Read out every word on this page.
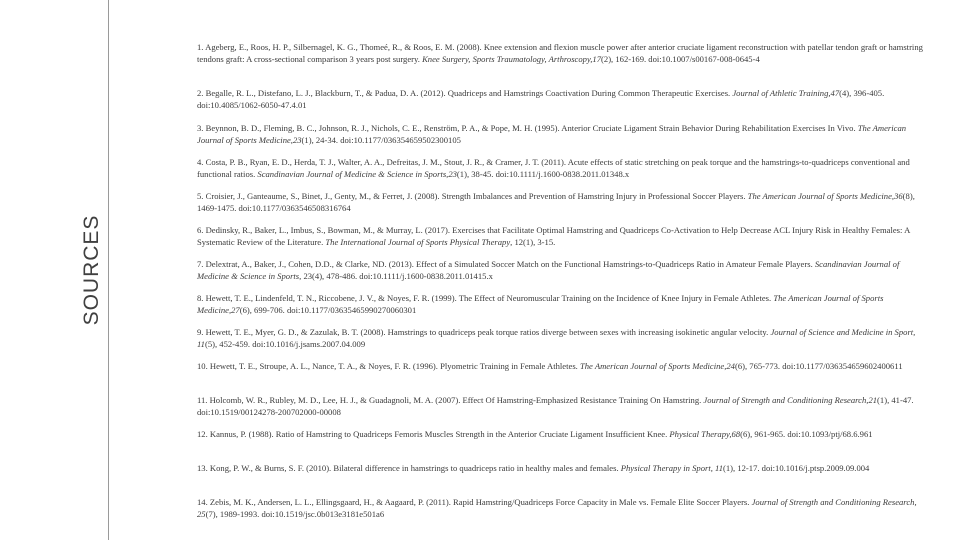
SOURCES

1. Ageberg, E., Roos, H. P., Silbernagel, K. G., Thomeé, R., & Roos, E. M. (2008). Knee extension and flexion muscle power after anterior cruciate ligament reconstruction with patellar tendon graft or hamstring tendons graft: A cross-sectional comparison 3 years post surgery. Knee Surgery, Sports Traumatology, Arthroscopy,17(2), 162-169. doi:10.1007/s00167-008-0645-4

2. Begalle, R. L., Distefano, L. J., Blackburn, T., & Padua, D. A. (2012). Quadriceps and Hamstrings Coactivation During Common Therapeutic Exercises. Journal of Athletic Training,47(4), 396-405. doi:10.4085/1062-6050-47.4.01

3. Beynnon, B. D., Fleming, B. C., Johnson, R. J., Nichols, C. E., Renström, P. A., & Pope, M. H. (1995). Anterior Cruciate Ligament Strain Behavior During Rehabilitation Exercises In Vivo. The American Journal of Sports Medicine,23(1), 24-34. doi:10.1177/036354659502300105

4. Costa, P. B., Ryan, E. D., Herda, T. J., Walter, A. A., Defreitas, J. M., Stout, J. R., & Cramer, J. T. (2011). Acute effects of static stretching on peak torque and the hamstrings-to-quadriceps conventional and functional ratios. Scandinavian Journal of Medicine & Science in Sports,23(1), 38-45. doi:10.1111/j.1600-0838.2011.01348.x

5. Croisier, J., Ganteaume, S., Binet, J., Genty, M., & Ferret, J. (2008). Strength Imbalances and Prevention of Hamstring Injury in Professional Soccer Players. The American Journal of Sports Medicine,36(8), 1469-1475. doi:10.1177/0363546508316764

6. Dedinsky, R., Baker, L., Imbus, S., Bowman, M., & Murray, L. (2017). Exercises that Facilitate Optimal Hamstring and Quadriceps Co-Activation to Help Decrease ACL Injury Risk in Healthy Females: A Systematic Review of the Literature. The International Journal of Sports Physical Therapy, 12(1), 3-15.

7. Delextrat, A., Baker, J., Cohen, D.D., & Clarke, ND. (2013). Effect of a Simulated Soccer Match on the Functional Hamstrings-to-Quadriceps Ratio in Amateur Female Players. Scandinavian Journal of Medicine & Science in Sports, 23(4), 478-486. doi:10.1111/j.1600-0838.2011.01415.x

8. Hewett, T. E., Lindenfeld, T. N., Riccobene, J. V., & Noyes, F. R. (1999). The Effect of Neuromuscular Training on the Incidence of Knee Injury in Female Athletes. The American Journal of Sports Medicine,27(6), 699-706. doi:10.1177/03635465990270060301

9. Hewett, T. E., Myer, G. D., & Zazulak, B. T. (2008). Hamstrings to quadriceps peak torque ratios diverge between sexes with increasing isokinetic angular velocity. Journal of Science and Medicine in Sport, 11(5), 452-459. doi:10.1016/j.jsams.2007.04.009

10. Hewett, T. E., Stroupe, A. L., Nance, T. A., & Noyes, F. R. (1996). Plyometric Training in Female Athletes. The American Journal of Sports Medicine,24(6), 765-773. doi:10.1177/036354659602400611

11. Holcomb, W. R., Rubley, M. D., Lee, H. J., & Guadagnoli, M. A. (2007). Effect Of Hamstring-Emphasized Resistance Training On Hamstring. Journal of Strength and Conditioning Research,21(1), 41-47. doi:10.1519/00124278-200702000-00008

12. Kannus, P. (1988). Ratio of Hamstring to Quadriceps Femoris Muscles Strength in the Anterior Cruciate Ligament Insufficient Knee. Physical Therapy,68(6), 961-965. doi:10.1093/ptj/68.6.961

13. Kong, P. W., & Burns, S. F. (2010). Bilateral difference in hamstrings to quadriceps ratio in healthy males and females. Physical Therapy in Sport, 11(1), 12-17. doi:10.1016/j.ptsp.2009.09.004

14. Zebis, M. K., Andersen, L. L., Ellingsgaard, H., & Aagaard, P. (2011). Rapid Hamstring/Quadriceps Force Capacity in Male vs. Female Elite Soccer Players. Journal of Strength and Conditioning Research, 25(7), 1989-1993. doi:10.1519/jsc.0b013e3181e501a6
